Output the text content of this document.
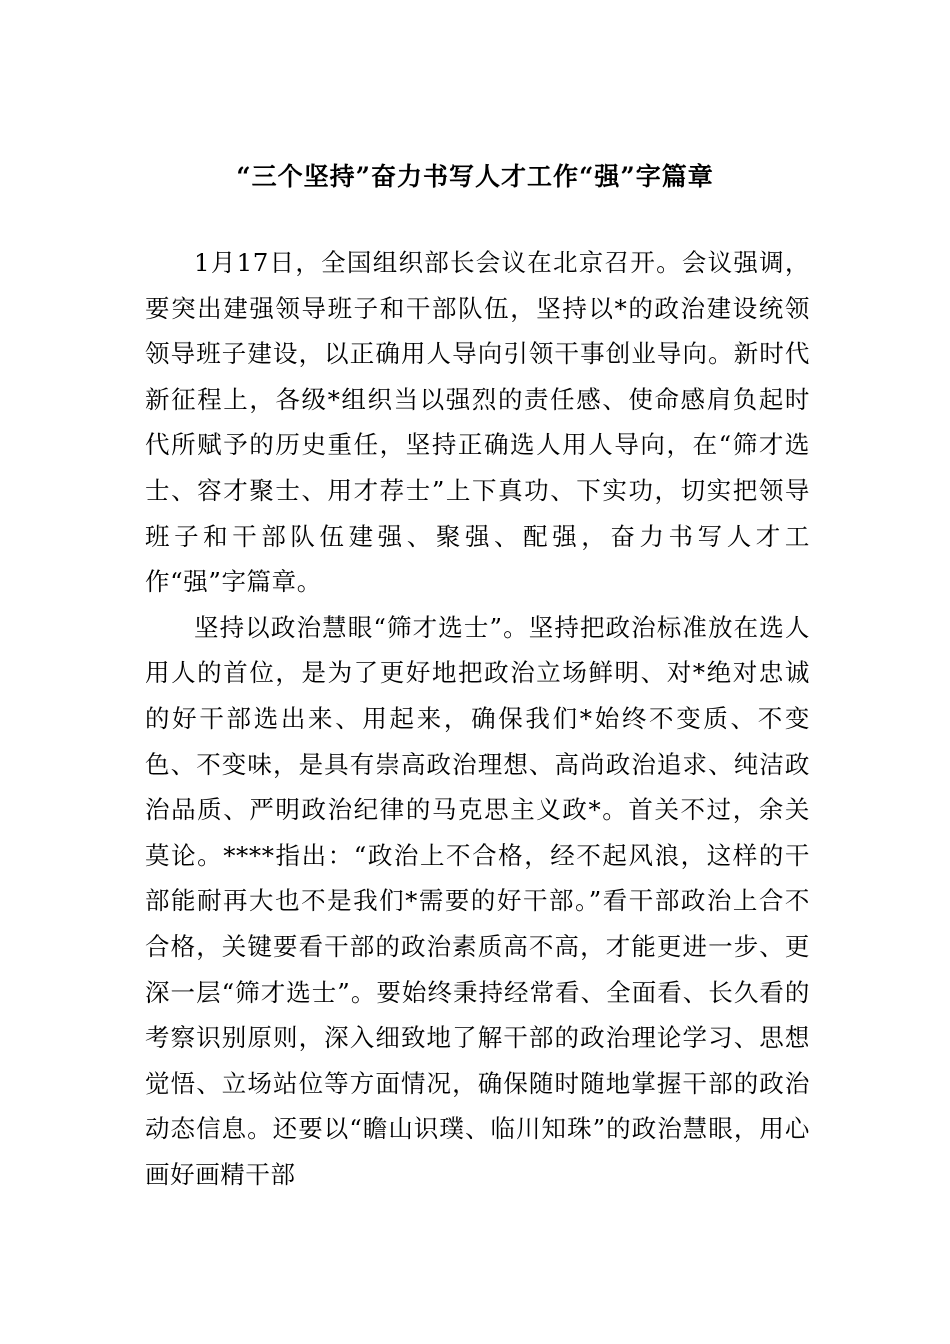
“三个坚持”奋力书写人才工作“强”字篇章

1月17日，全国组织部长会议在北京召开。会议强调，要突出建强领导班子和干部队伍，坚持以*的政治建设统领领导班子建设，以正确用人导向引领干事创业导向。新时代新征程上，各级*组织当以强烈的责任感、使命感肩负起时代所赋予的历史重任，坚持正确选人用人导向，在“筛才选士、容才聚士、用才荐士”上下真功、下实功，切实把领导班子和干部队伍建强、聚强、配强，奋力书写人才工作“强”字篇章。

坚持以政治慧眼“筛才选士”。坚持把政治标准放在选人用人的首位，是为了更好地把政治立场鲜明、对*绝对忠诚的好干部选出来、用起来，确保我们*始终不变质、不变色、不变味，是具有崇高政治理想、高尚政治追求、纯洁政治品质、严明政治纪律的马克思主义政*。首关不过，余关莫论。****指出：“政治上不合格，经不起风浪，这样的干部能耐再大也不是我们*需要的好干部。”看干部政治上合不合格，关键要看干部的政治素质高不高，才能更进一步、更深一层“筛才选士”。要始终秉持经常看、全面看、长久看的考察识别原则，深入细致地了解干部的政治理论学习、思想觉悟、立场站位等方面情况，确保随时随地掌握干部的政治动态信息。还要以“瞻山识璞、临川知珠”的政治慧眼，用心画好画精干部
